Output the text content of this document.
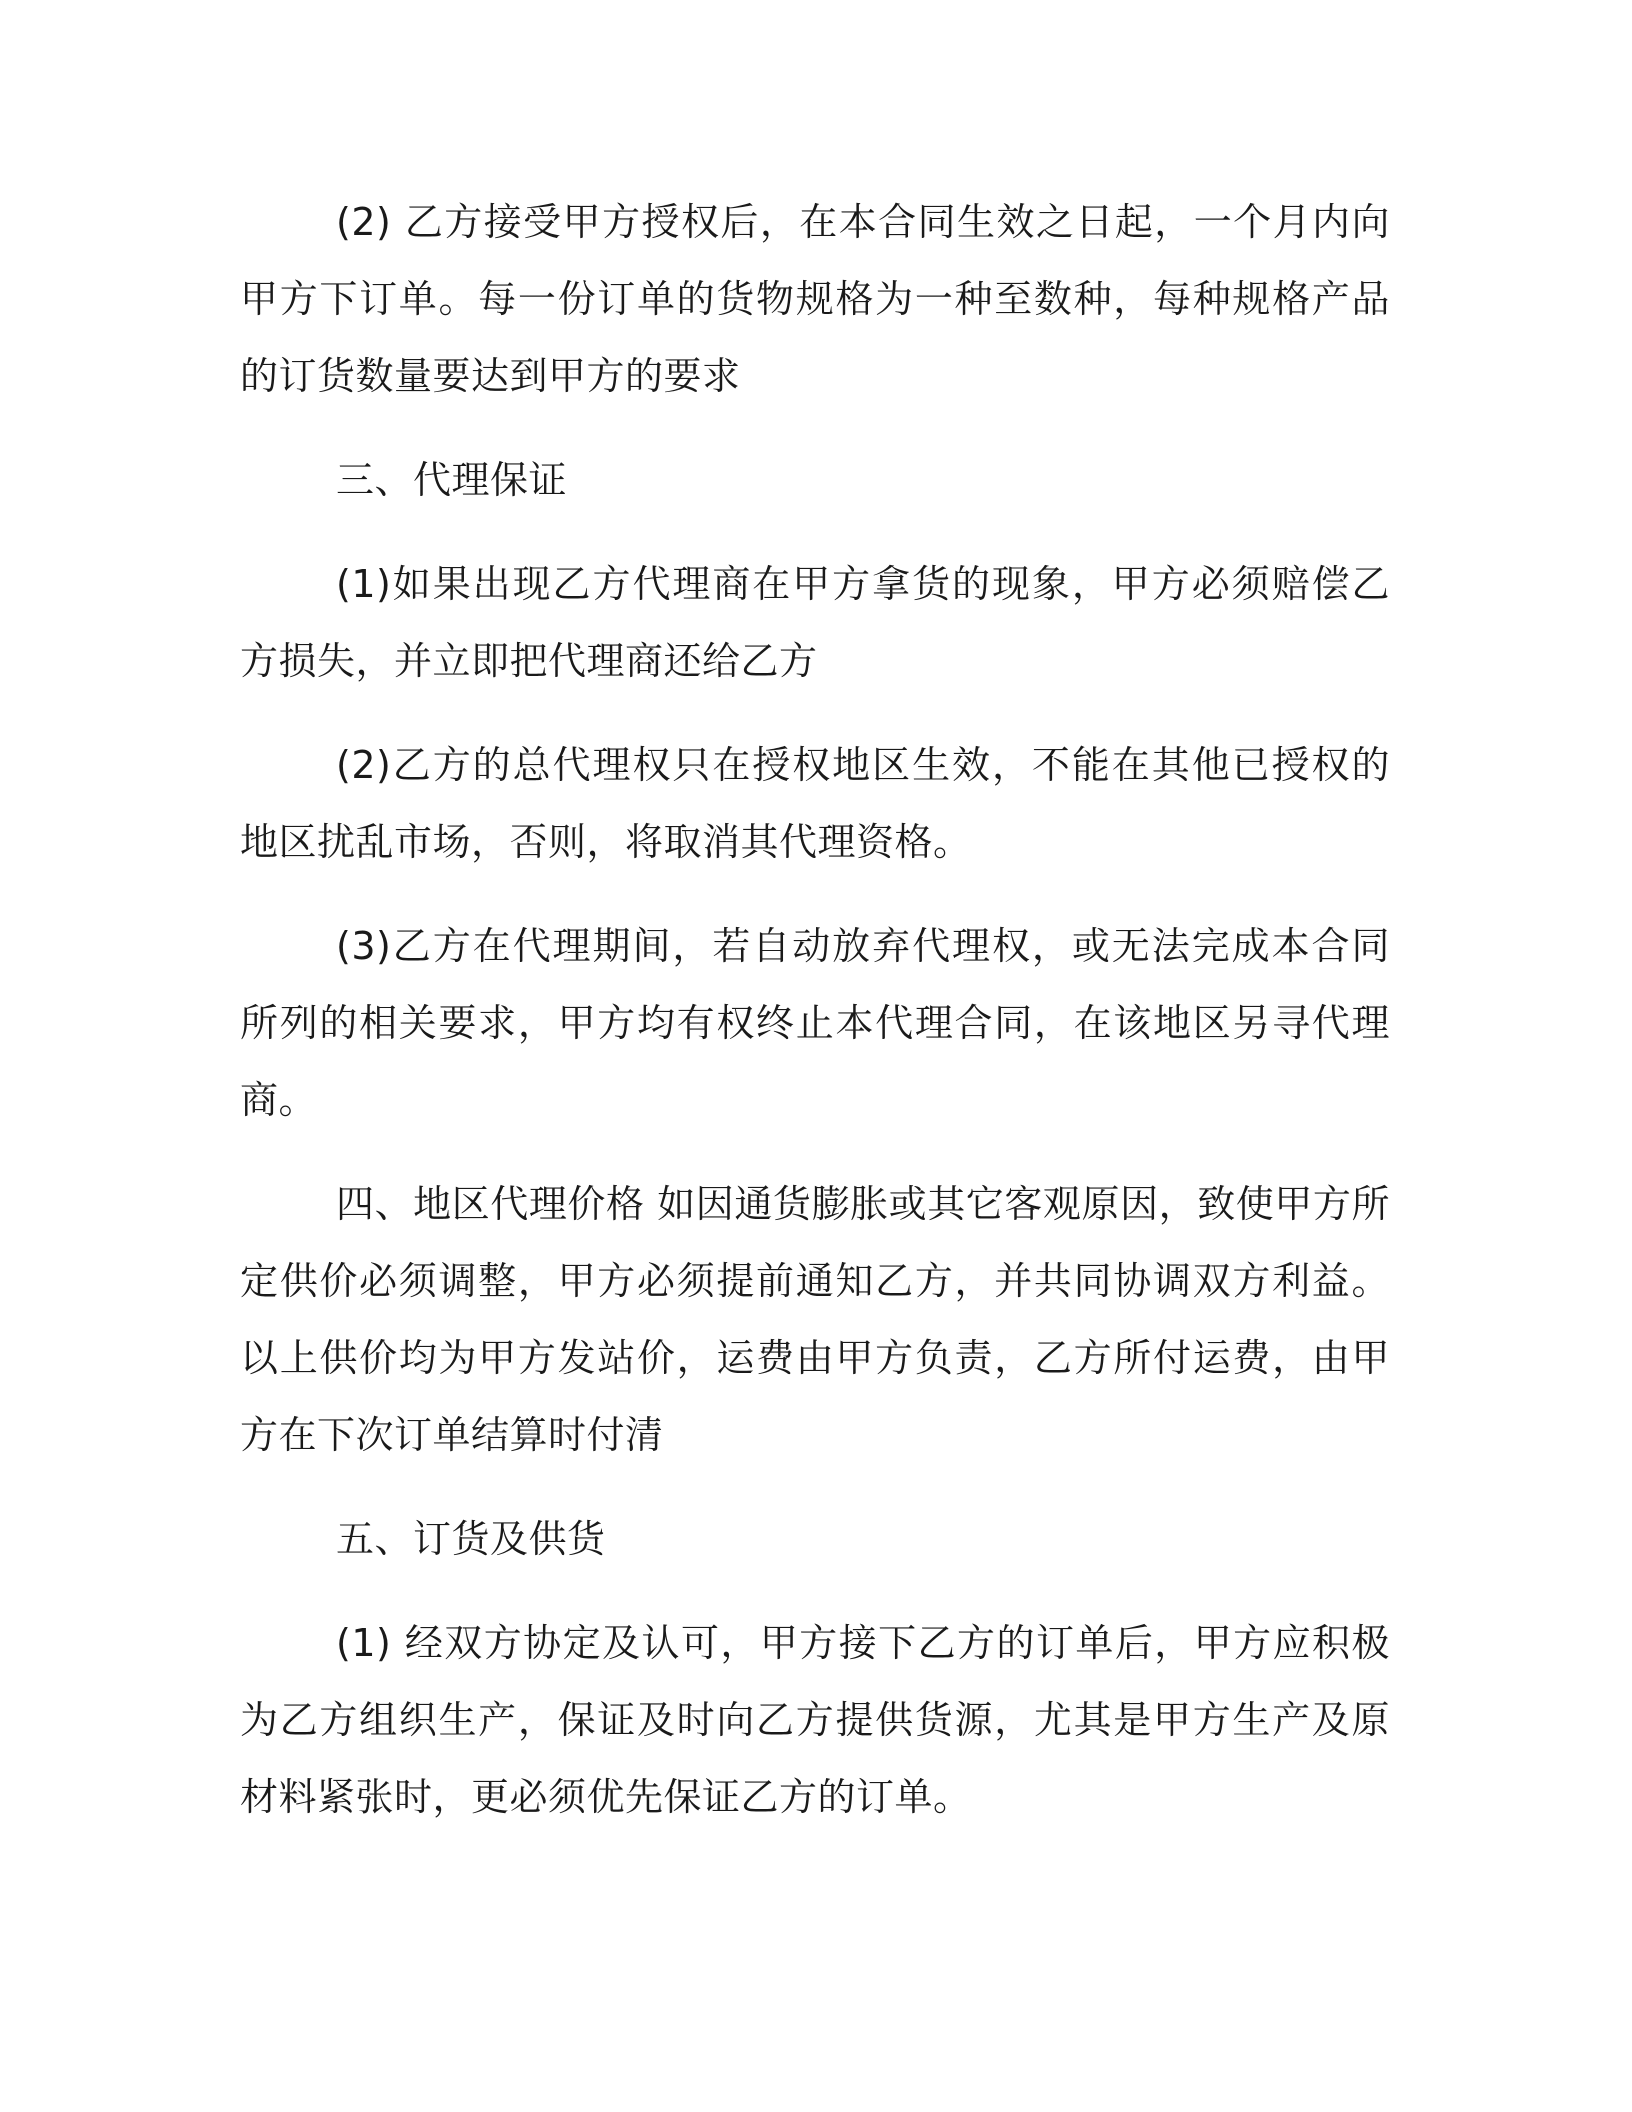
(2) 乙方接受甲方授权后，在本合同生效之日起，一个月内向甲方下订单。每一份订单的货物规格为一种至数种，每种规格产品的订货数量要达到甲方的要求

三、代理保证

(1)如果出现乙方代理商在甲方拿货的现象，甲方必须赔偿乙方损失，并立即把代理商还给乙方

(2)乙方的总代理权只在授权地区生效，不能在其他已授权的地区扰乱市场，否则，将取消其代理资格。

(3)乙方在代理期间，若自动放弃代理权，或无法完成本合同所列的相关要求，甲方均有权终止本代理合同，在该地区另寻代理商。

四、地区代理价格 如因通货膨胀或其它客观原因，致使甲方所定供价必须调整，甲方必须提前通知乙方，并共同协调双方利益。以上供价均为甲方发站价，运费由甲方负责，乙方所付运费，由甲方在下次订单结算时付清

五、订货及供货

(1) 经双方协定及认可，甲方接下乙方的订单后，甲方应积极为乙方组织生产，保证及时向乙方提供货源，尤其是甲方生产及原材料紧张时，更必须优先保证乙方的订单。
